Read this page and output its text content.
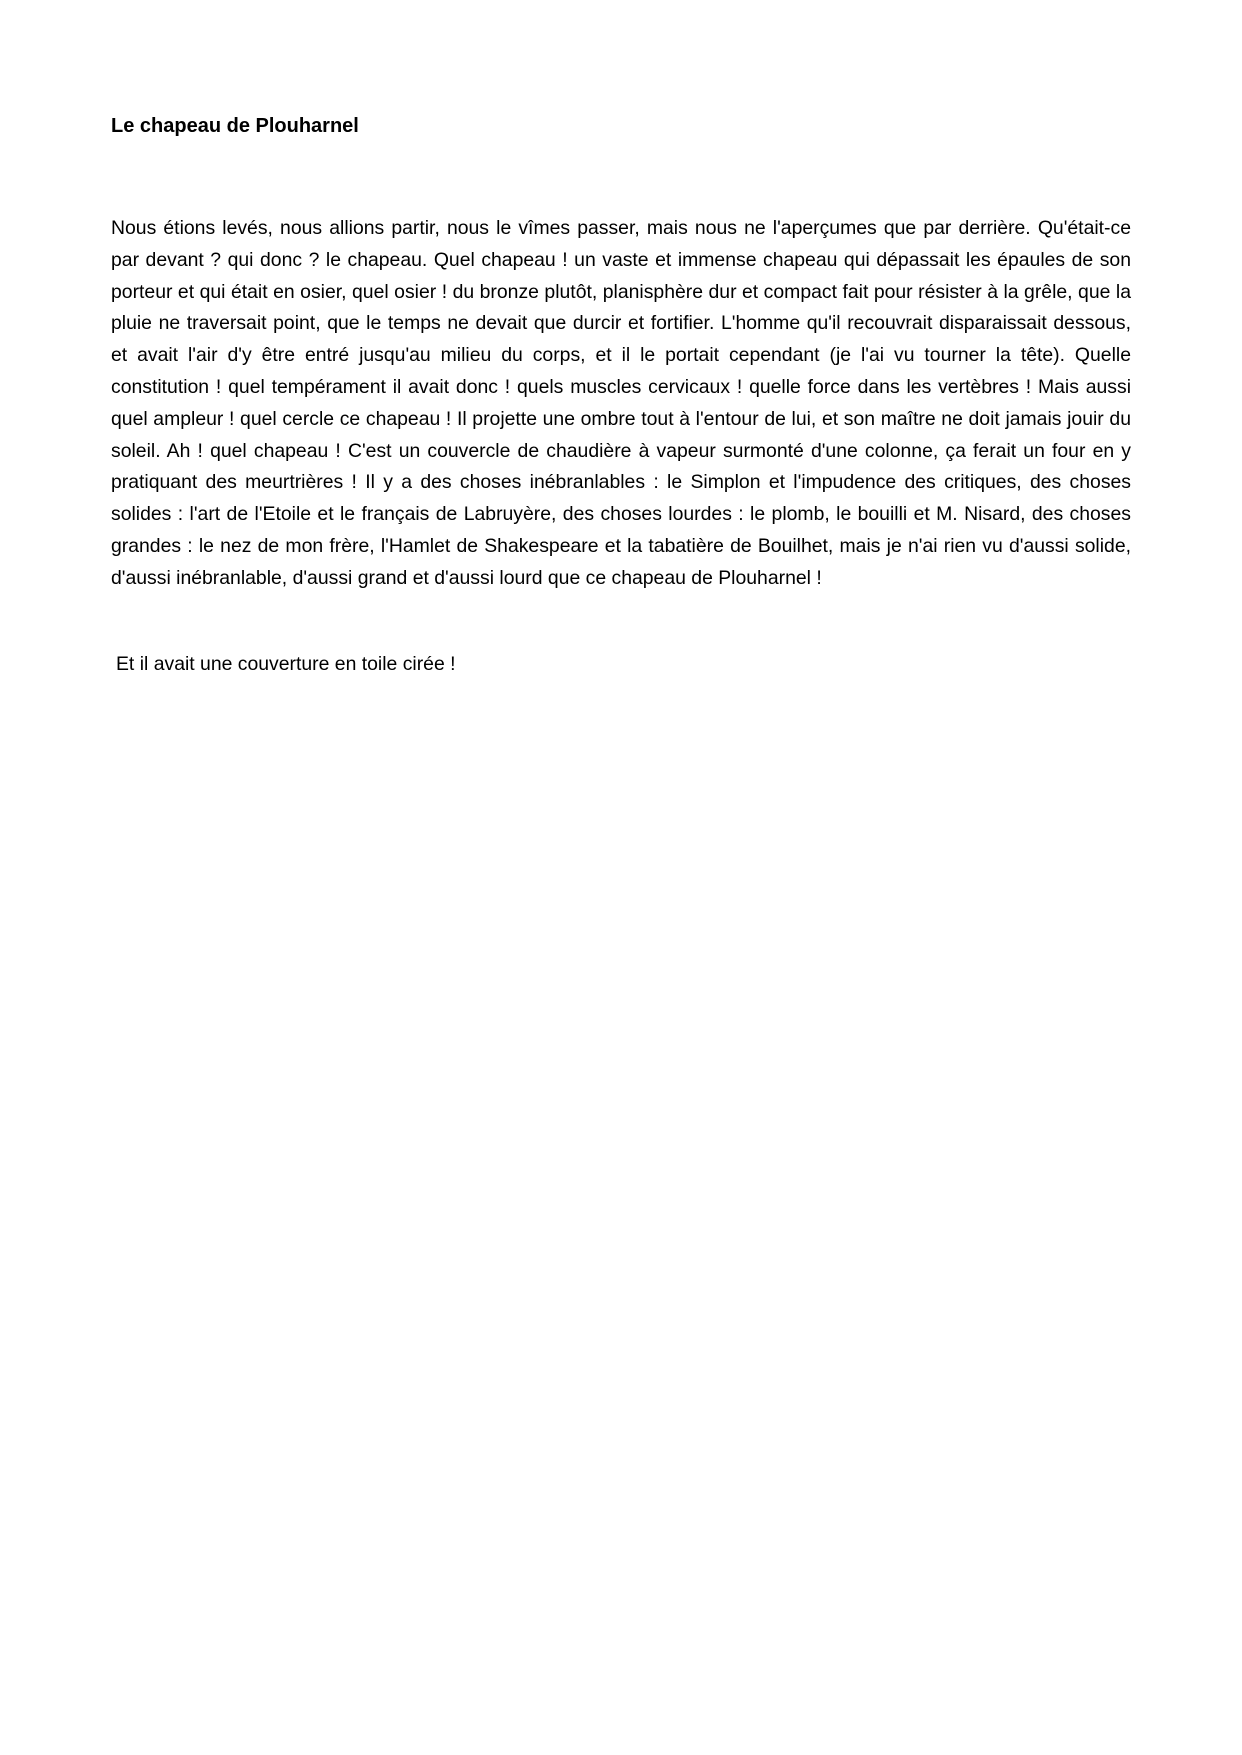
Le chapeau de Plouharnel

Nous étions levés, nous allions partir, nous le vîmes passer, mais nous ne l'aperçumes que par derrière. Qu'était-ce par devant ? qui donc ? le chapeau. Quel chapeau ! un vaste et immense chapeau qui dépassait les épaules de son porteur et qui était en osier, quel osier ! du bronze plutôt, planisphère dur et compact fait pour résister à la grêle, que la pluie ne traversait point, que le temps ne devait que durcir et fortifier. L'homme qu'il recouvrait disparaissait dessous, et avait l'air d'y être entré jusqu'au milieu du corps, et il le portait cependant (je l'ai vu tourner la tête). Quelle constitution ! quel tempérament il avait donc ! quels muscles cervicaux ! quelle force dans les vertèbres ! Mais aussi quel ampleur ! quel cercle ce chapeau ! Il projette une ombre tout à l'entour de lui, et son maître ne doit jamais jouir du soleil. Ah ! quel chapeau ! C'est un couvercle de chaudière à vapeur surmonté d'une colonne, ça ferait un four en y pratiquant des meurtrières ! Il y a des choses inébranlables : le Simplon et l'impudence des critiques, des choses solides : l'art de l'Etoile et le français de Labruyère, des choses lourdes : le plomb, le bouilli et M. Nisard, des choses grandes : le nez de mon frère, l'Hamlet de Shakespeare et la tabatière de Bouilhet, mais je n'ai rien vu d'aussi solide, d'aussi inébranlable, d'aussi grand et d'aussi lourd que ce chapeau de Plouharnel !

Et il avait une couverture en toile cirée !
